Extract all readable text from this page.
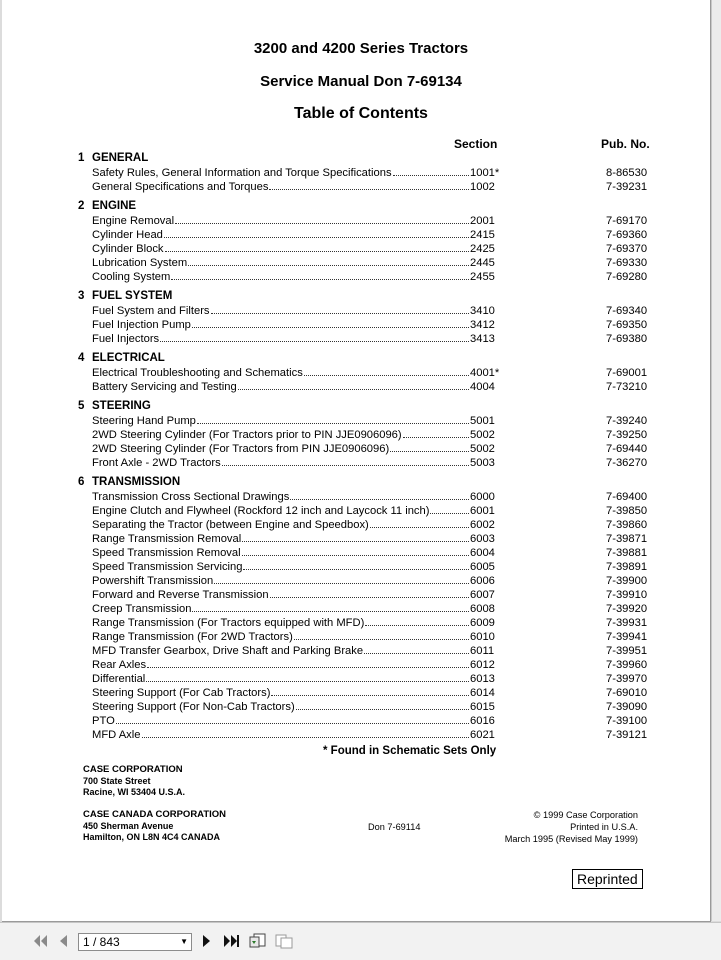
3200 and 4200 Series Tractors
Service Manual Don 7-69134
Table of Contents
Section	Pub. No.
1 GENERAL
Safety Rules, General Information and Torque Specifications	1001*	8-86530
General Specifications and Torques	1002	7-39231
2 ENGINE
Engine Removal	2001	7-69170
Cylinder Head	2415	7-69360
Cylinder Block	2425	7-69370
Lubrication System	2445	7-69330
Cooling System	2455	7-69280
3 FUEL SYSTEM
Fuel System and Filters	3410	7-69340
Fuel Injection Pump	3412	7-69350
Fuel Injectors	3413	7-69380
4 ELECTRICAL
Electrical Troubleshooting and Schematics	4001*	7-69001
Battery Servicing and Testing	4004	7-73210
5 STEERING
Steering Hand Pump	5001	7-39240
2WD Steering Cylinder (For Tractors prior to PIN JJE0906096)	5002	7-39250
2WD Steering Cylinder (For Tractors from PIN JJE0906096)	5002	7-69440
Front Axle - 2WD Tractors	5003	7-36270
6 TRANSMISSION
Transmission Cross Sectional Drawings	6000	7-69400
Engine Clutch and Flywheel (Rockford 12 inch and Laycock 11 inch)	6001	7-39850
Separating the Tractor (between Engine and Speedbox)	6002	7-39860
Range Transmission Removal	6003	7-39871
Speed Transmission Removal	6004	7-39881
Speed Transmission Servicing	6005	7-39891
Powershift Transmission	6006	7-39900
Forward and Reverse Transmission	6007	7-39910
Creep Transmission	6008	7-39920
Range Transmission (For Tractors equipped with MFD)	6009	7-39931
Range Transmission (For 2WD Tractors)	6010	7-39941
MFD Transfer Gearbox, Drive Shaft and Parking Brake	6011	7-39951
Rear Axles	6012	7-39960
Differential	6013	7-39970
Steering Support (For Cab Tractors)	6014	7-69010
Steering Support (For Non-Cab Tractors)	6015	7-39090
PTO	6016	7-39100
MFD Axle	6021	7-39121
* Found in Schematic Sets Only
CASE CORPORATION
700 State Street
Racine, WI 53404 U.S.A.
CASE CANADA CORPORATION
450 Sherman Avenue
Hamilton, ON L8N 4C4 CANADA
Don 7-69114
© 1999 Case Corporation
Printed in U.S.A.
March 1995 (Revised May 1999)
Reprinted
1 / 843	▼
